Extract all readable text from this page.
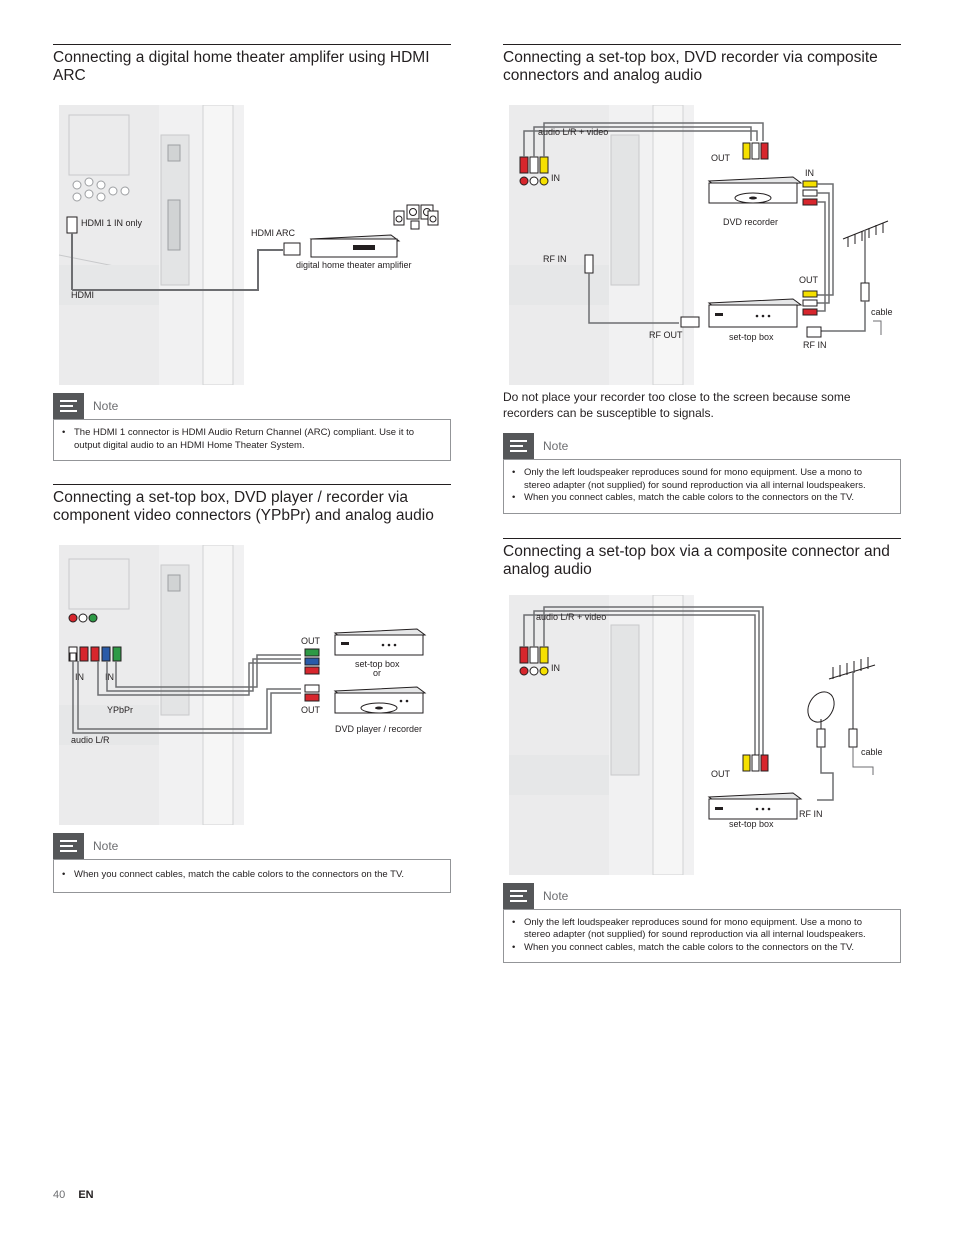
Connecting a digital home theater amplifer using HDMI ARC
HDMI 1 IN only
HDMI
HDMI ARC
digital home theater amplifier
Note
• The HDMI 1 connector is HDMI Audio Return Channel (ARC) compliant. Use it to output digital audio to an HDMI Home Theater System.
Connecting a set-top box, DVD player / recorder via component video connectors (YPbPr) and analog audio
IN IN
YPbPr
audio L/R
OUT
OUT
set-top box
or
DVD player / recorder
Note
• When you connect cables, match the cable colors to the connectors on the TV.
Connecting a set-top box, DVD recorder via composite connectors and analog audio
audio L/R + video
IN
OUT
DVD recorder
IN
cable
RF IN
RF OUT
OUT
set-top box
RF IN

Do not place your recorder too close to the screen because some recorders can be susceptible to signals.

Note
• Only the left loudspeaker reproduces sound for mono equipment. Use a mono to stereo adapter (not supplied) for sound reproduction via all internal loudspeakers.
• When you connect cables, match the cable colors to the connectors on the TV.
Connecting a set-top box via a composite connector and analog audio
audio L/R + video
IN
OUT
cable
set-top box
RF IN
Note
• Only the left loudspeaker reproduces sound for mono equipment. Use a mono to stereo adapter (not supplied) for sound reproduction via all internal loudspeakers.
• When you connect cables, match the cable colors to the connectors on the TV.
40 EN
